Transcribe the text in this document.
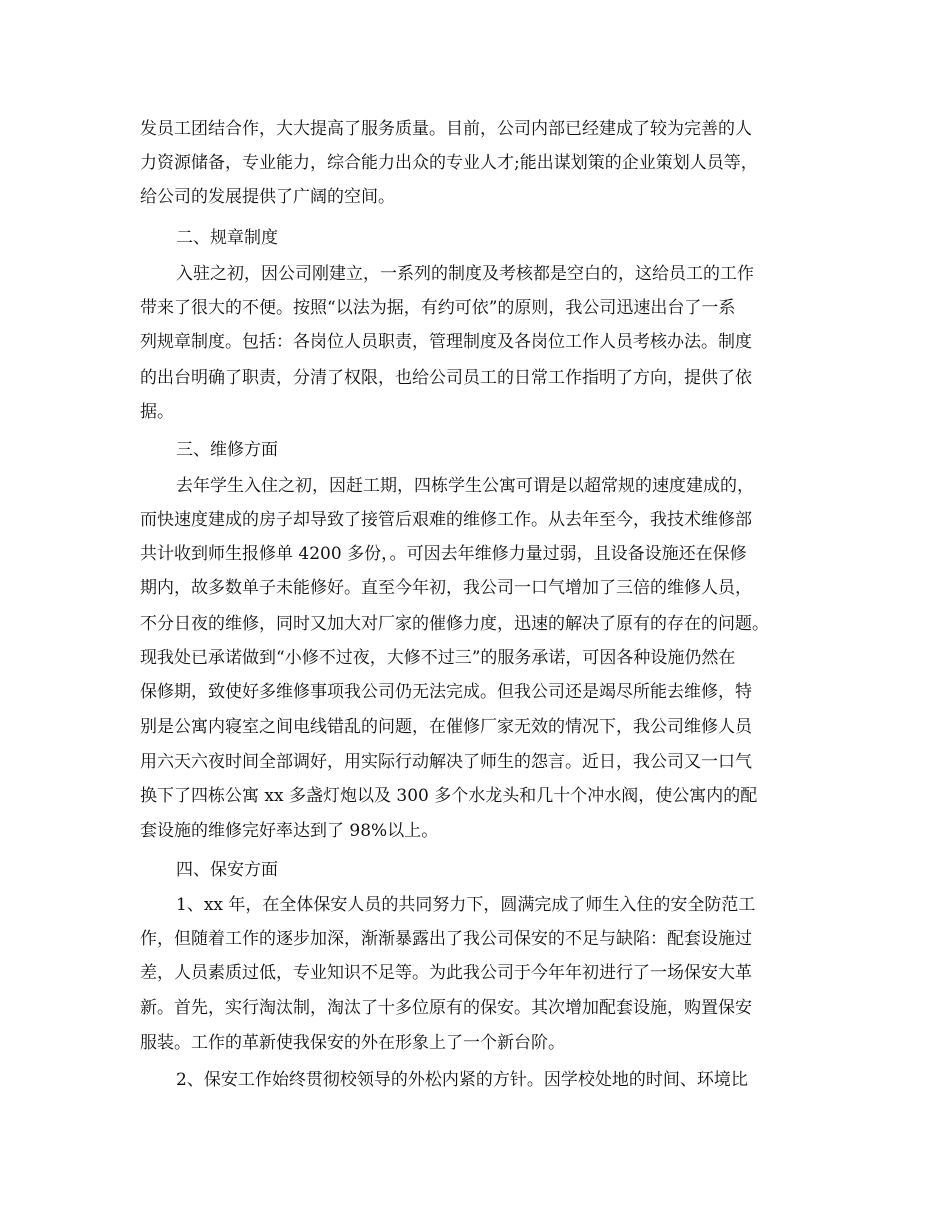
发员工团结合作，大大提高了服务质量。目前，公司内部已经建成了较为完善的人
力资源储备，专业能力，综合能力出众的专业人才;能出谋划策的企业策划人员等，
给公司的发展提供了广阔的空间。
二、规章制度
入驻之初，因公司刚建立，一系列的制度及考核都是空白的，这给员工的工作
带来了很大的不便。按照“以法为据，有约可依”的原则，我公司迅速出台了一系
列规章制度。包括：各岗位人员职责，管理制度及各岗位工作人员考核办法。制度
的出台明确了职责，分清了权限，也给公司员工的日常工作指明了方向，提供了依
据。
三、维修方面
去年学生入住之初，因赶工期，四栋学生公寓可谓是以超常规的速度建成的，
而快速度建成的房子却导致了接管后艰难的维修工作。从去年至今，我技术维修部
共计收到师生报修单 4200 多份，。可因去年维修力量过弱，且设备设施还在保修
期内，故多数单子未能修好。直至今年初，我公司一口气增加了三倍的维修人员，
不分日夜的维修，同时又加大对厂家的催修力度，迅速的解决了原有的存在的问题。
现我处已承诺做到“小修不过夜，大修不过三”的服务承诺，可因各种设施仍然在
保修期，致使好多维修事项我公司仍无法完成。但我公司还是竭尽所能去维修，特
别是公寓内寝室之间电线错乱的问题，在催修厂家无效的情况下，我公司维修人员
用六天六夜时间全部调好，用实际行动解决了师生的怨言。近日，我公司又一口气
换下了四栋公寓 xx 多盏灯炮以及 300 多个水龙头和几十个冲水阀，使公寓内的配
套设施的维修完好率达到了 98%以上。
四、保安方面
1、xx 年，在全体保安人员的共同努力下，圆满完成了师生入住的安全防范工
作，但随着工作的逐步加深，渐渐暴露出了我公司保安的不足与缺陷：配套设施过
差，人员素质过低，专业知识不足等。为此我公司于今年年初进行了一场保安大革
新。首先，实行淘汰制，淘汰了十多位原有的保安。其次增加配套设施，购置保安
服装。工作的革新使我保安的外在形象上了一个新台阶。
2、保安工作始终贯彻校领导的外松内紧的方针。因学校处地的时间、环境比
